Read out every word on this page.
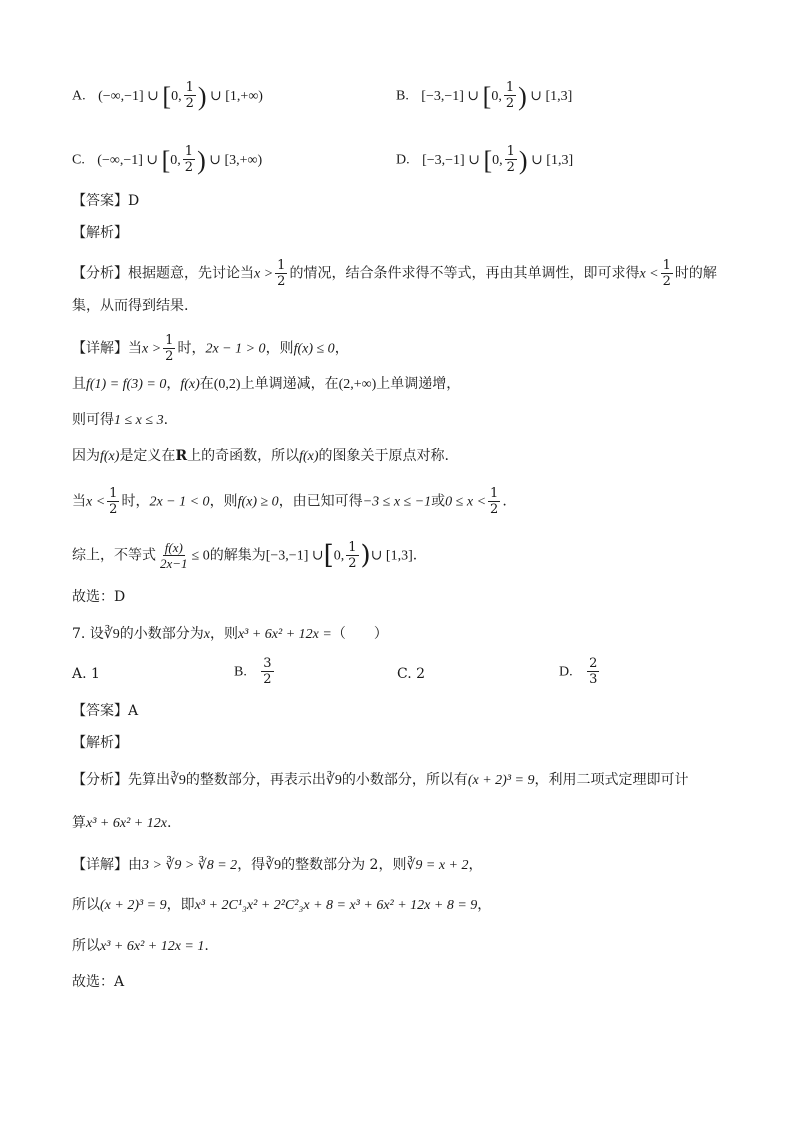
A. (−∞,−1] ∪ [0, $\frac{1}{2}$ ) ∪ [1,+∞)	B. [−3,−1] ∪ [0, $\frac{1}{2}$ ) ∪ [1,3]
C. (−∞,−1] ∪ [0, $\frac{1}{2}$ ) ∪ [3,+∞)	D. [−3,−1] ∪ [0, $\frac{1}{2}$ ) ∪ [1,3]
【答案】D
【解析】
【分析】根据题意，先讨论当$x > \frac{1}{2}$ 的情况，结合条件求得不等式，再由其单调性，即可求得$x < \frac{1}{2}$ 时的解
集，从而得到结果.
【详解】当$x > \frac{1}{2}$ 时，2x − 1 > 0，则f(x) ≤ 0，
且f(1) = f(3) = 0，f(x)在(0,2)上单调递减，在(2,+∞)上单调递增，
则可得1 ≤ x ≤ 3.
因为f(x)是定义在R上的奇函数，所以f(x)的图象关于原点对称.
当$x < \frac{1}{2}$ 时，2x − 1 < 0，则f(x) ≥ 0，由已知可得−3 ≤ x ≤ −1或$0 \le x < \frac{1}{2}$ .
综上，不等式 $\frac{f(x)}{2x-1} \le 0$的解集为[−3,−1] ∪[0, $\frac{1}{2}$ )∪ [1,3].
故选：D
7. 设∛9的小数部分为x，则x³ + 6x² + 12x =（　　）
A. 1	B. $\frac{3}{2}$	C. 2	D. $\frac{2}{3}$
【答案】A
【解析】
【分析】先算出∛9的整数部分，再表示出∛9的小数部分，所以有(x + 2)³ = 9，利用二项式定理即可计
算x³ + 6x² + 12x.
【详解】由3 > ∛9 > ∛8 = 2，得∛9的整数部分为 2，则∛9 = x + 2，
所以(x + 2)³ = 9，即x³ + 2C¹₃x² + 2²C²₃x + 8 = x³ + 6x² + 12x + 8 = 9，
所以x³ + 6x² + 12x = 1.
故选：A
